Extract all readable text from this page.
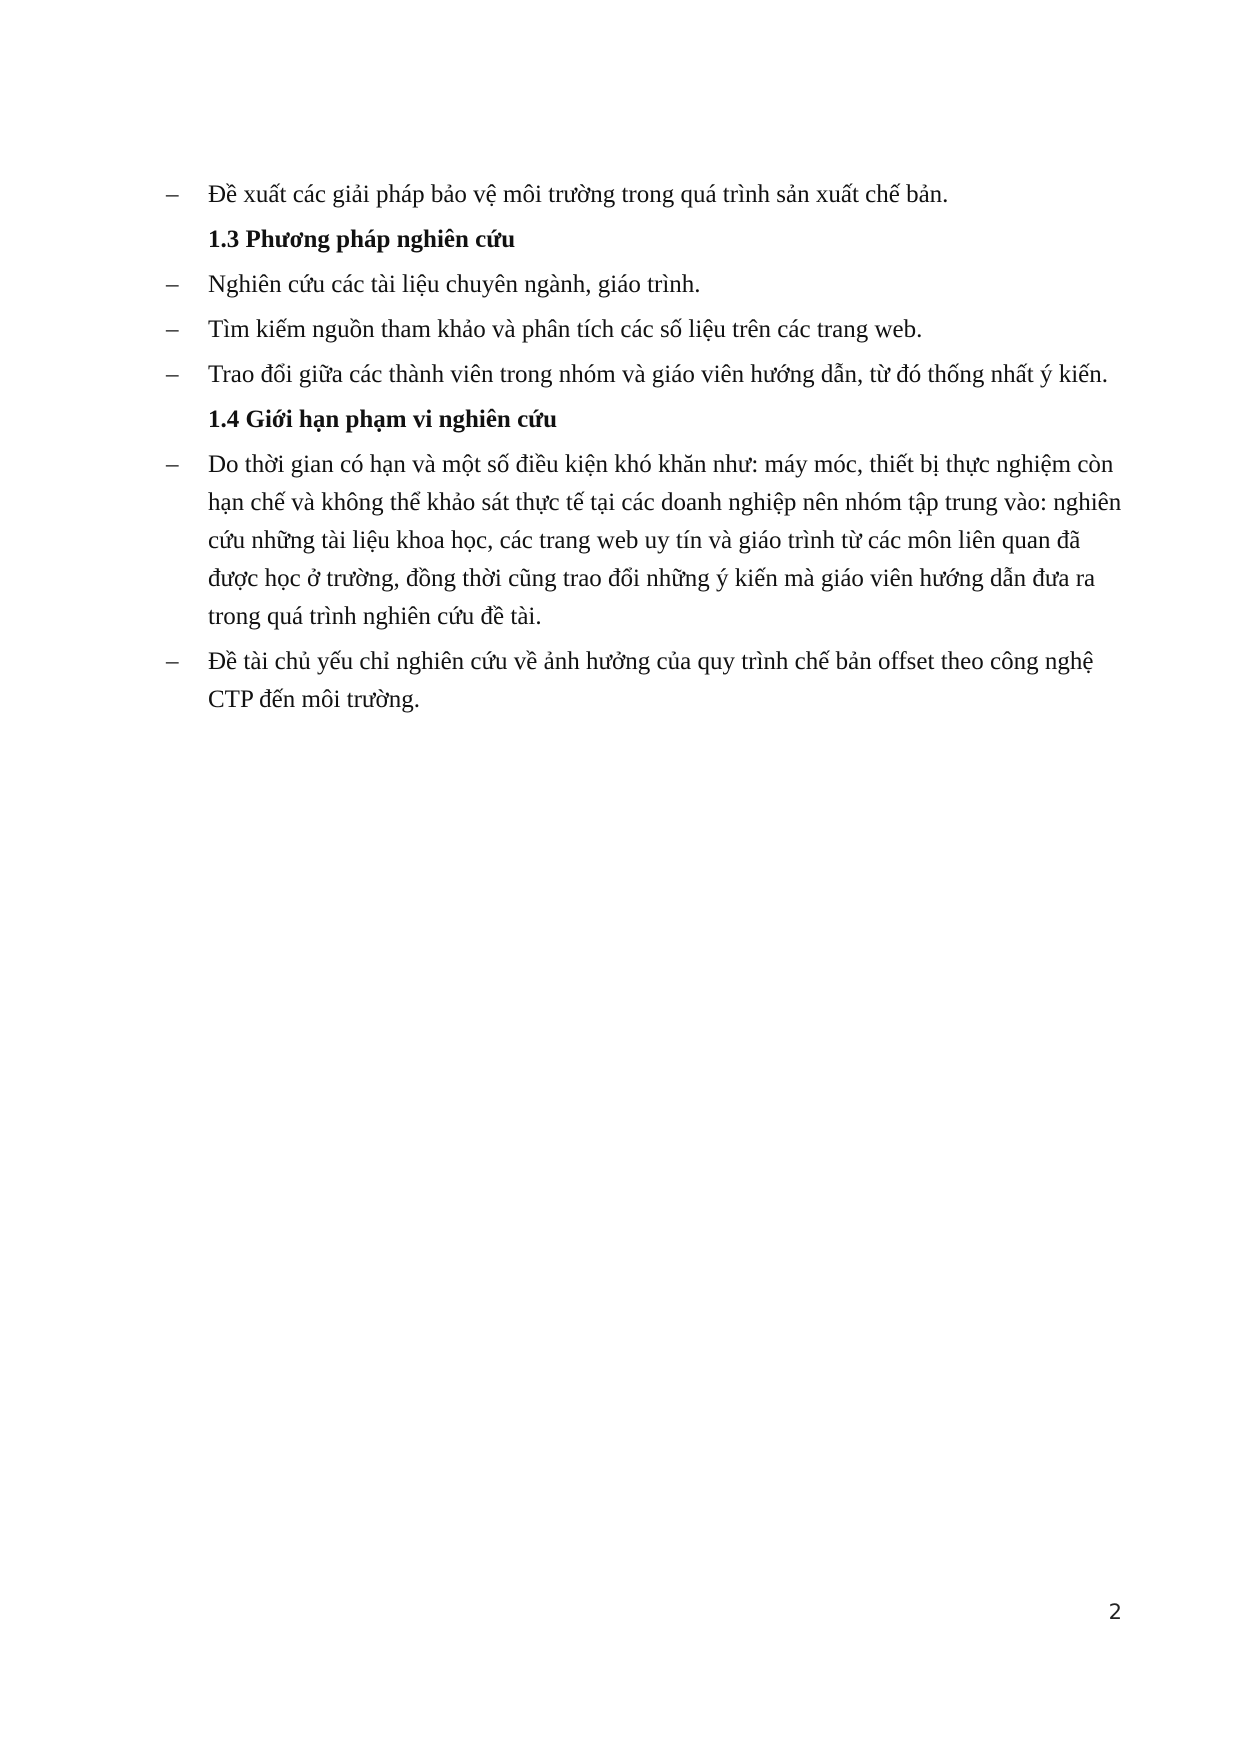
–	Đề xuất các giải pháp bảo vệ môi trường trong quá trình sản xuất chế bản.
1.3 Phương pháp nghiên cứu
–	Nghiên cứu các tài liệu chuyên ngành, giáo trình.
–	Tìm kiếm nguồn tham khảo và phân tích các số liệu trên các trang web.
–	Trao đổi giữa các thành viên trong nhóm và giáo viên hướng dẫn, từ đó thống nhất ý kiến.
1.4 Giới hạn phạm vi nghiên cứu
–	Do thời gian có hạn và một số điều kiện khó khăn như: máy móc, thiết bị thực nghiệm còn hạn chế và không thể khảo sát thực tế tại các doanh nghiệp nên nhóm tập trung vào: nghiên cứu những tài liệu khoa học, các trang web uy tín và giáo trình từ các môn liên quan đã được học ở trường, đồng thời cũng trao đổi những ý kiến mà giáo viên hướng dẫn đưa ra trong quá trình nghiên cứu đề tài.
–	Đề tài chủ yếu chỉ nghiên cứu về ảnh hưởng của quy trình chế bản offset theo công nghệ CTP đến môi trường.
2
